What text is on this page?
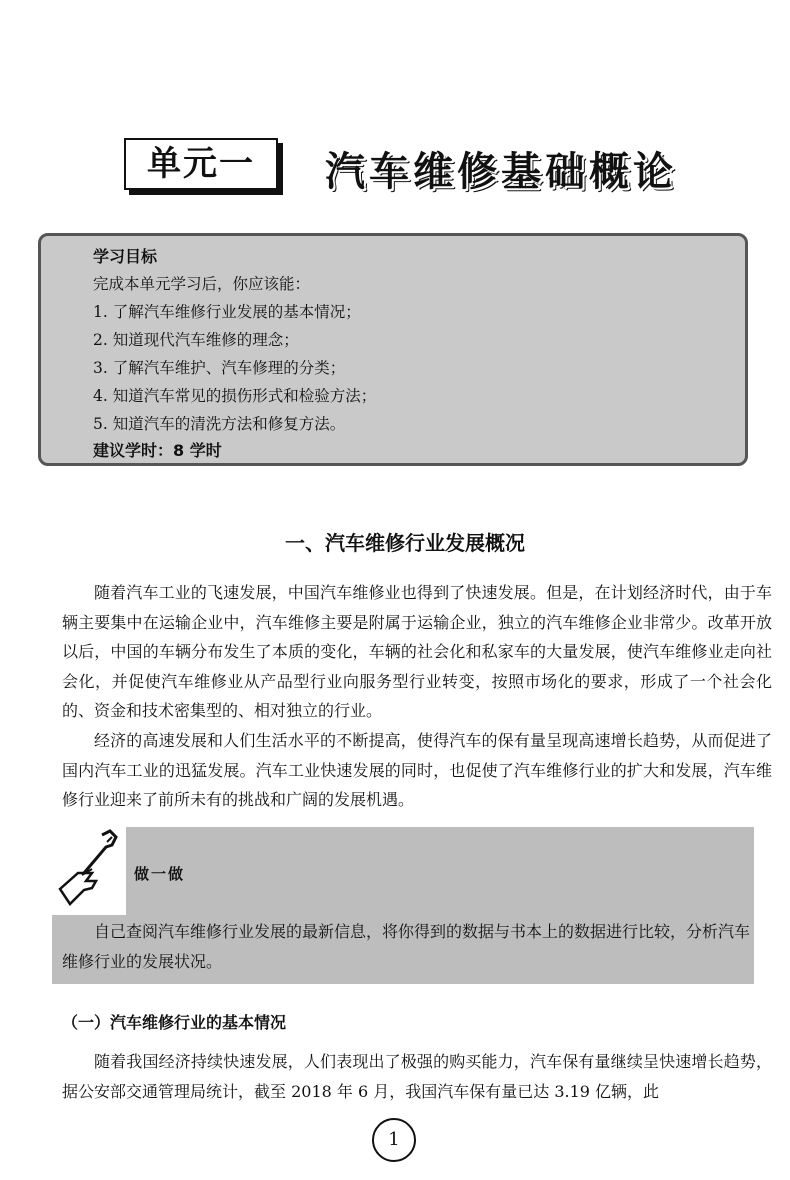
单元一	汽车维修基础概论
学习目标
完成本单元学习后，你应该能：
1. 了解汽车维修行业发展的基本情况；
2. 知道现代汽车维修的理念；
3. 了解汽车维护、汽车修理的分类；
4. 知道汽车常见的损伤形式和检验方法；
5. 知道汽车的清洗方法和修复方法。
建议学时：8 学时
一、汽车维修行业发展概况

随着汽车工业的飞速发展，中国汽车维修业也得到了快速发展。但是，在计划经济时代，由于车辆主要集中在运输企业中，汽车维修主要是附属于运输企业，独立的汽车维修企业非常少。改革开放以后，中国的车辆分布发生了本质的变化，车辆的社会化和私家车的大量发展，使汽车维修业走向社会化，并促使汽车维修业从产品型行业向服务型行业转变，按照市场化的要求，形成了一个社会化的、资金和技术密集型的、相对独立的行业。

经济的高速发展和人们生活水平的不断提高，使得汽车的保有量呈现高速增长趋势，从而促进了国内汽车工业的迅猛发展。汽车工业快速发展的同时，也促使了汽车维修行业的扩大和发展，汽车维修行业迎来了前所未有的挑战和广阔的发展机遇。

做一做

自己查阅汽车维修行业发展的最新信息，将你得到的数据与书本上的数据进行比较，分析汽车维修行业的发展状况。

（一）汽车维修行业的基本情况

随着我国经济持续快速发展，人们表现出了极强的购买能力，汽车保有量继续呈快速增长趋势，据公安部交通管理局统计，截至 2018 年 6 月，我国汽车保有量已达 3.19 亿辆，此

1
